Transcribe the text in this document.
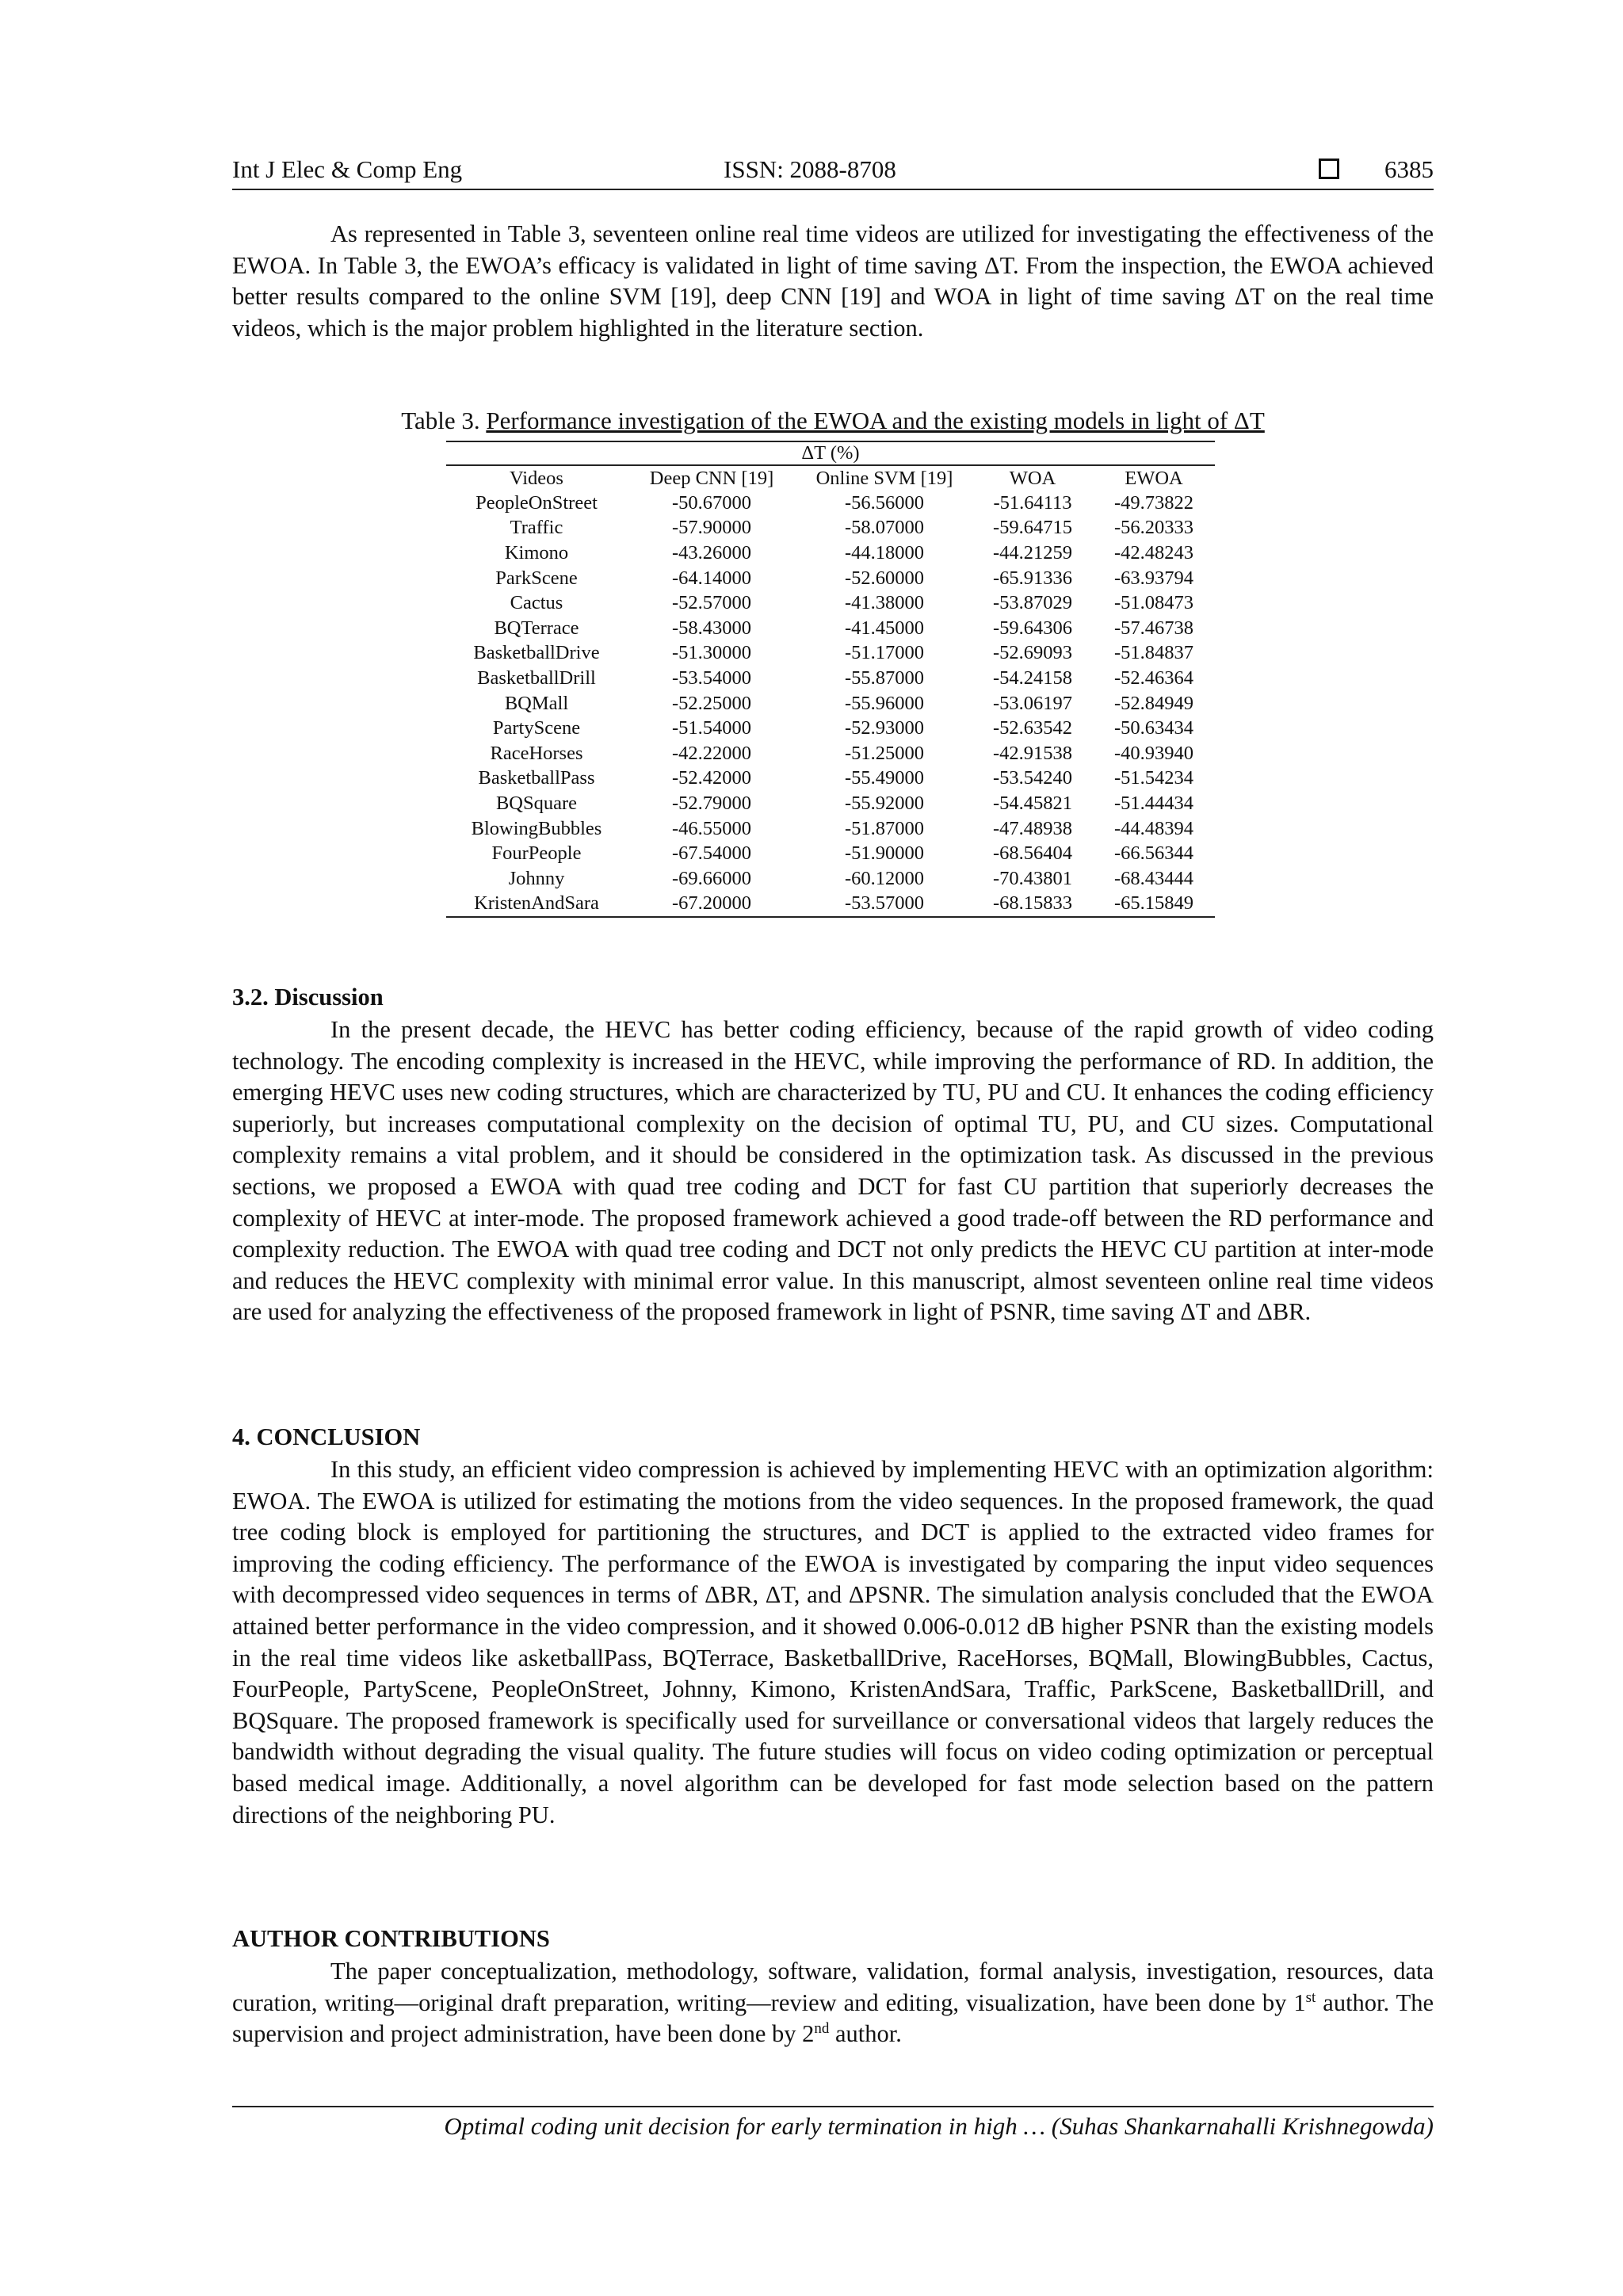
Int J Elec & Comp Eng	ISSN: 2088-8708	6385

As represented in Table 3, seventeen online real time videos are utilized for investigating the effectiveness of the EWOA. In Table 3, the EWOA’s efficacy is validated in light of time saving ΔT. From the inspection, the EWOA achieved better results compared to the online SVM [19], deep CNN [19] and WOA in light of time saving ΔT on the real time videos, which is the major problem highlighted in the literature section.

Table 3. Performance investigation of the EWOA and the existing models in light of ΔT
ΔT (%)				
Videos	Deep CNN [19]	Online SVM [19]	WOA	EWOA
PeopleOnStreet	-50.67000	-56.56000	-51.64113	-49.73822
Traffic	-57.90000	-58.07000	-59.64715	-56.20333
Kimono	-43.26000	-44.18000	-44.21259	-42.48243
ParkScene	-64.14000	-52.60000	-65.91336	-63.93794
Cactus	-52.57000	-41.38000	-53.87029	-51.08473
BQTerrace	-58.43000	-41.45000	-59.64306	-57.46738
BasketballDrive	-51.30000	-51.17000	-52.69093	-51.84837
BasketballDrill	-53.54000	-55.87000	-54.24158	-52.46364
BQMall	-52.25000	-55.96000	-53.06197	-52.84949
PartyScene	-51.54000	-52.93000	-52.63542	-50.63434
RaceHorses	-42.22000	-51.25000	-42.91538	-40.93940
BasketballPass	-52.42000	-55.49000	-53.54240	-51.54234
BQSquare	-52.79000	-55.92000	-54.45821	-51.44434
BlowingBubbles	-46.55000	-51.87000	-47.48938	-44.48394
FourPeople	-67.54000	-51.90000	-68.56404	-66.56344
Johnny	-69.66000	-60.12000	-70.43801	-68.43444
KristenAndSara	-67.20000	-53.57000	-68.15833	-65.15849
3.2. Discussion

In the present decade, the HEVC has better coding efficiency, because of the rapid growth of video coding technology. The encoding complexity is increased in the HEVC, while improving the performance of RD. In addition, the emerging HEVC uses new coding structures, which are characterized by TU, PU and CU. It enhances the coding efficiency superiorly, but increases computational complexity on the decision of optimal TU, PU, and CU sizes. Computational complexity remains a vital problem, and it should be considered in the optimization task. As discussed in the previous sections, we proposed a EWOA with quad tree coding and DCT for fast CU partition that superiorly decreases the complexity of HEVC at inter-mode. The proposed framework achieved a good trade-off between the RD performance and complexity reduction. The EWOA with quad tree coding and DCT not only predicts the HEVC CU partition at inter-mode and reduces the HEVC complexity with minimal error value. In this manuscript, almost seventeen online real time videos are used for analyzing the effectiveness of the proposed framework in light of PSNR, time saving ΔT and ΔBR.

4. CONCLUSION

In this study, an efficient video compression is achieved by implementing HEVC with an optimization algorithm: EWOA. The EWOA is utilized for estimating the motions from the video sequences. In the proposed framework, the quad tree coding block is employed for partitioning the structures, and DCT is applied to the extracted video frames for improving the coding efficiency. The performance of the EWOA is investigated by comparing the input video sequences with decompressed video sequences in terms of ΔBR, ΔT, and ΔPSNR. The simulation analysis concluded that the EWOA attained better performance in the video compression, and it showed 0.006-0.012 dB higher PSNR than the existing models in the real time videos like asketballPass, BQTerrace, BasketballDrive, RaceHorses, BQMall, BlowingBubbles, Cactus, FourPeople, PartyScene, PeopleOnStreet, Johnny, Kimono, KristenAndSara, Traffic, ParkScene, BasketballDrill, and BQSquare. The proposed framework is specifically used for surveillance or conversational videos that largely reduces the bandwidth without degrading the visual quality. The future studies will focus on video coding optimization or perceptual based medical image. Additionally, a novel algorithm can be developed for fast mode selection based on the pattern directions of the neighboring PU.

AUTHOR CONTRIBUTIONS

The paper conceptualization, methodology, software, validation, formal analysis, investigation, resources, data curation, writing—original draft preparation, writing—review and editing, visualization, have been done by 1st author. The supervision and project administration, have been done by 2nd author.

Optimal coding unit decision for early termination in high … (Suhas Shankarnahalli Krishnegowda)
